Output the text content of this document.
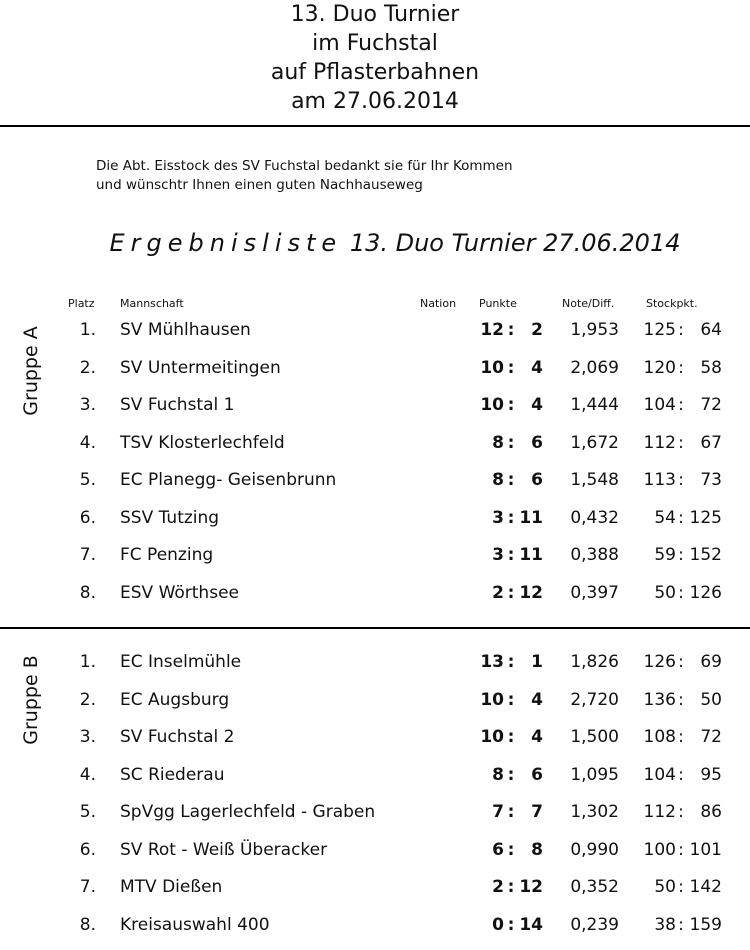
13. Duo Turnier
im Fuchstal
auf Pflasterbahnen
am 27.06.2014
Die Abt. Eisstock des SV Fuchstal bedankt sie für Ihr Kommen
und wünschtr Ihnen einen guten Nachhauseweg
Ergebnisliste 13. Duo Turnier 27.06.2014
Platz Mannschaft	Nation Punkte	Note/Diff.	Stockpkt.
Gruppe A
Gruppe B
1. SV Mühlhausen	12 : 2	1,953	125 : 64
2. SV Untermeitingen	10 : 4	2,069	120 : 58
3. SV Fuchstal 1	10 : 4	1,444	104 : 72
4. TSV Klosterlechfeld	8 : 6	1,672	112 : 67
5. EC Planegg- Geisenbrunn	8 : 6	1,548	113 : 73
6. SSV Tutzing	3 : 11	0,432	54 : 125
7. FC Penzing	3 : 11	0,388	59 : 152
8. ESV Wörthsee	2 : 12	0,397	50 : 126
1. EC Inselmühle	13 : 1	1,826	126 : 69
2. EC Augsburg	10 : 4	2,720	136 : 50
3. SV Fuchstal 2	10 : 4	1,500	108 : 72
4. SC Riederau	8 : 6	1,095	104 : 95
5. SpVgg Lagerlechfeld - Graben	7 : 7	1,302	112 : 86
6. SV Rot - Weiß Überacker	6 : 8	0,990	100 : 101
7. MTV Dießen	2 : 12	0,352	50 : 142
8. Kreisauswahl 400	0 : 14	0,239	38 : 159
